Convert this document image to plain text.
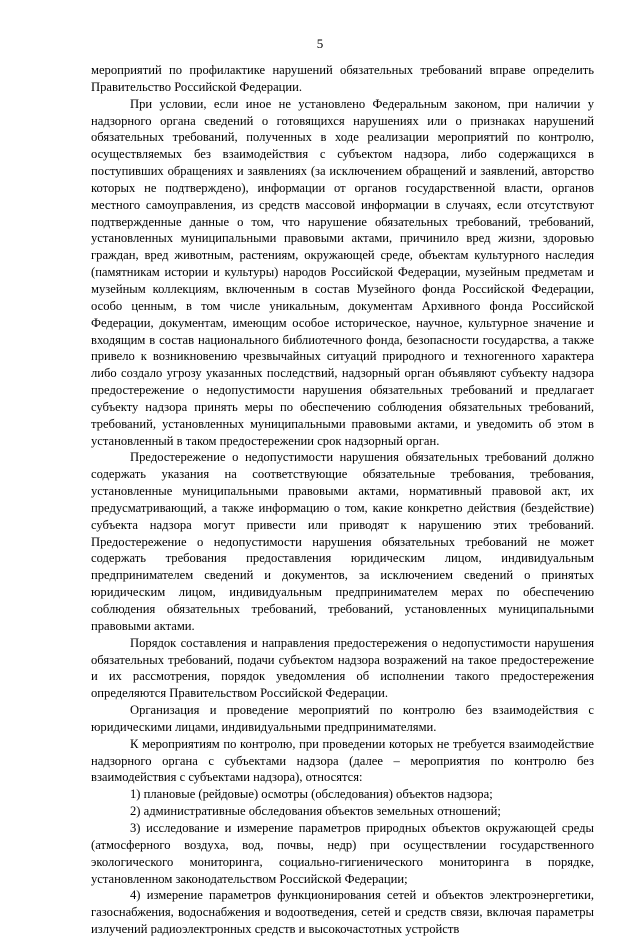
5

мероприятий по профилактике нарушений обязательных требований вправе определить Правительство Российской Федерации.

При условии, если иное не установлено Федеральным законом, при наличии у надзорного органа сведений о готовящихся нарушениях или о признаках нарушений обязательных требований, полученных в ходе реализации мероприятий по контролю, осуществляемых без взаимодействия с субъектом надзора, либо содержащихся в поступивших обращениях и заявлениях (за исключением обращений и заявлений, авторство которых не подтверждено), информации от органов государственной власти, органов местного самоуправления, из средств массовой информации в случаях, если отсутствуют подтвержденные данные о том, что нарушение обязательных требований, требований, установленных муниципальными правовыми актами, причинило вред жизни, здоровью граждан, вред животным, растениям, окружающей среде, объектам культурного наследия (памятникам истории и культуры) народов Российской Федерации, музейным предметам и музейным коллекциям, включенным в состав Музейного фонда Российской Федерации, особо ценным, в том числе уникальным, документам Архивного фонда Российской Федерации, документам, имеющим особое историческое, научное, культурное значение и входящим в состав национального библиотечного фонда, безопасности государства, а также привело к возникновению чрезвычайных ситуаций природного и техногенного характера либо создало угрозу указанных последствий, надзорный орган объявляют субъекту надзора предостережение о недопустимости нарушения обязательных требований и предлагает субъекту надзора принять меры по обеспечению соблюдения обязательных требований, требований, установленных муниципальными правовыми актами, и уведомить об этом в установленный в таком предостережении срок надзорный орган.

Предостережение о недопустимости нарушения обязательных требований должно содержать указания на соответствующие обязательные требования, требования, установленные муниципальными правовыми актами, нормативный правовой акт, их предусматривающий, а также информацию о том, какие конкретно действия (бездействие) субъекта надзора могут привести или приводят к нарушению этих требований. Предостережение о недопустимости нарушения обязательных требований не может содержать требования предоставления юридическим лицом, индивидуальным предпринимателем сведений и документов, за исключением сведений о принятых юридическим лицом, индивидуальным предпринимателем мерах по обеспечению соблюдения обязательных требований, требований, установленных муниципальными правовыми актами.

Порядок составления и направления предостережения о недопустимости нарушения обязательных требований, подачи субъектом надзора возражений на такое предостережение и их рассмотрения, порядок уведомления об исполнении такого предостережения определяются Правительством Российской Федерации.

Организация и проведение мероприятий по контролю без взаимодействия с юридическими лицами, индивидуальными предпринимателями.

К мероприятиям по контролю, при проведении которых не требуется взаимодействие надзорного органа с субъектами надзора (далее – мероприятия по контролю без взаимодействия с субъектами надзора), относятся:

1) плановые (рейдовые) осмотры (обследования) объектов надзора;

2) административные обследования объектов земельных отношений;

3) исследование и измерение параметров природных объектов окружающей среды (атмосферного воздуха, вод, почвы, недр) при осуществлении государственного экологического мониторинга, социально-гигиенического мониторинга в порядке, установленном законодательством Российской Федерации;

4) измерение параметров функционирования сетей и объектов электроэнергетики, газоснабжения, водоснабжения и водоотведения, сетей и средств связи, включая параметры излучений радиоэлектронных средств и высокочастотных устройств
